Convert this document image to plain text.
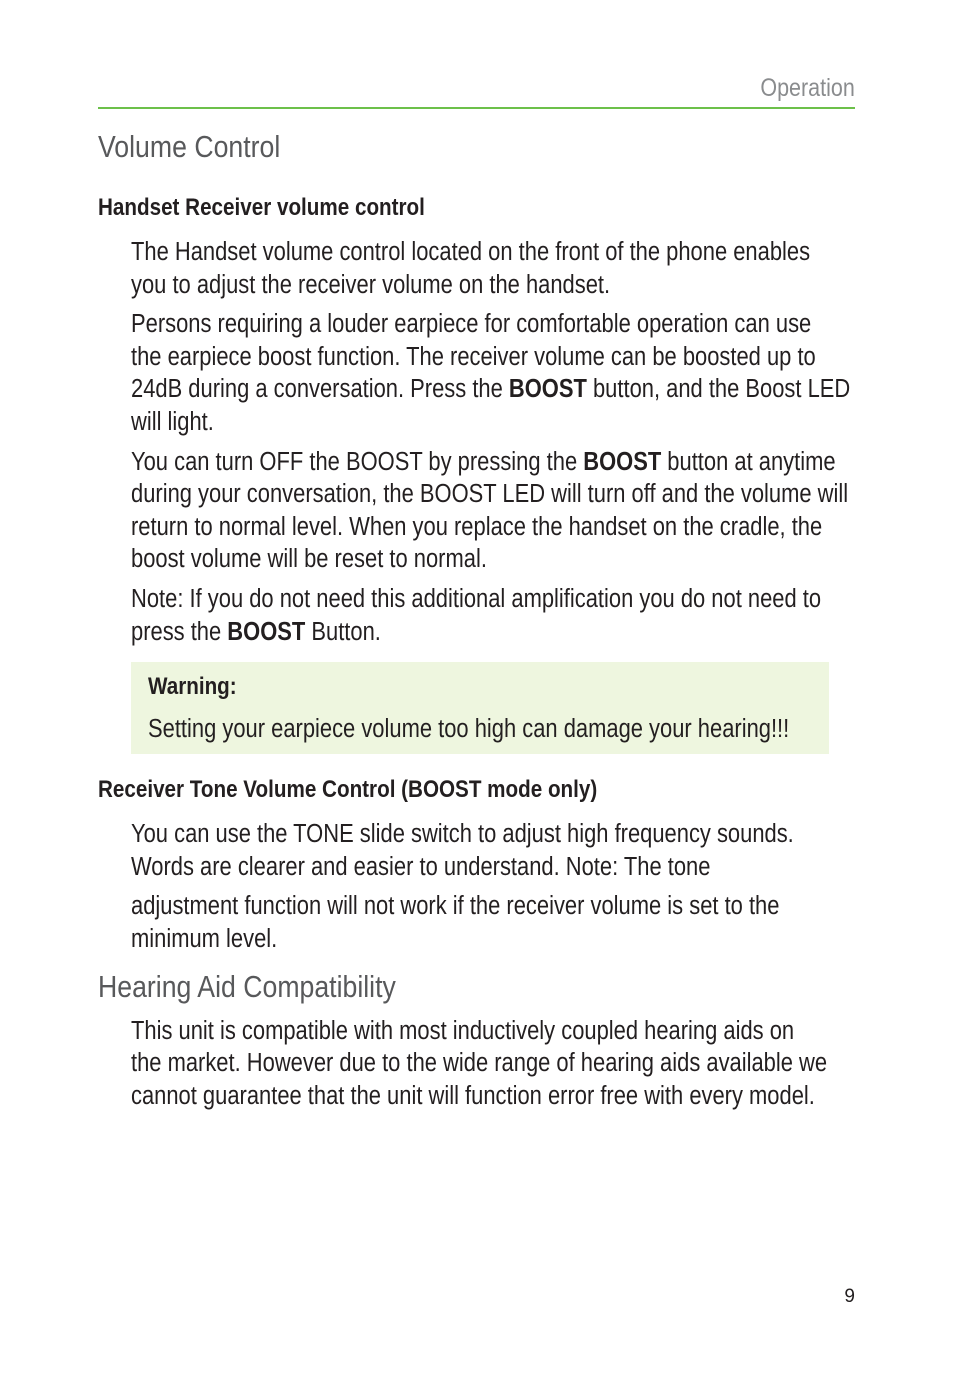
Operation
Volume Control
Handset Receiver volume control
The Handset volume control located on the front of the phone enables
you to adjust the receiver volume on the handset.
Persons requiring a louder earpiece for comfortable operation can use
the earpiece boost function. The receiver volume can be boosted up to
24dB during a conversation. Press the BOOST button, and the Boost LED
will light.
You can turn OFF the BOOST by pressing the BOOST button at anytime
during your conversation, the BOOST LED will turn off and the volume will
return to normal level. When you replace the handset on the cradle, the
boost volume will be reset to normal.
Note: If you do not need this additional amplification you do not need to
press the BOOST Button.
Warning:
Setting your earpiece volume too high can damage your hearing!!!
Receiver Tone Volume Control (BOOST mode only)
You can use the TONE slide switch to adjust high frequency sounds.
Words are clearer and easier to understand. Note: The tone
adjustment function will not work if the receiver volume is set to the
minimum level.
Hearing Aid Compatibility
This unit is compatible with most inductively coupled hearing aids on
the market. However due to the wide range of hearing aids available we
cannot guarantee that the unit will function error free with every model.
9
